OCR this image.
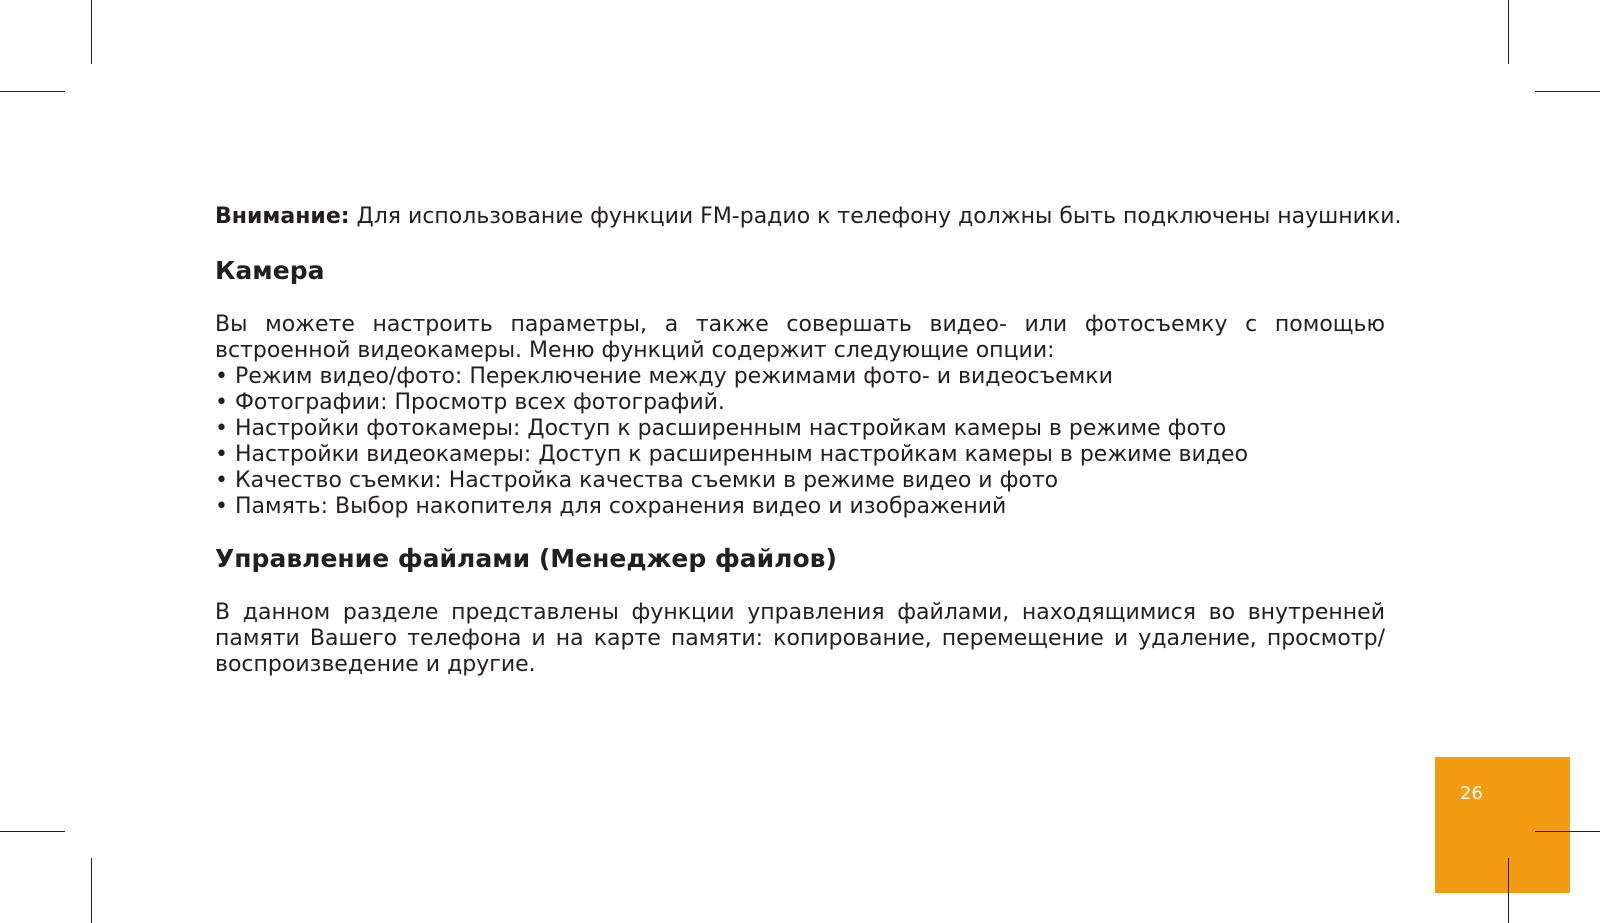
Внимание: Для использование функции FM-радио к телефону должны быть подключены наушники.

Камера

Вы можете настроить параметры, а также совершать видео- или фотосъемку с помощью встроенной видеокамеры. Меню функций содержит следующие опции:

• Режим видео/фото: Переключение между режимами фото- и видеосъемки
• Фотографии: Просмотр всех фотографий.
• Настройки фотокамеры: Доступ к расширенным настройкам камеры в режиме фото
• Настройки видеокамеры: Доступ к расширенным настройкам камеры в режиме видео
• Качество съемки: Настройка качества съемки в режиме видео и фото
• Память: Выбор накопителя для сохранения видео и изображений
Управление файлами (Менеджер файлов)

В данном разделе представлены функции управления файлами, находящимися во внутренней памяти Вашего телефона и на карте памяти: копирование, перемещение и удаление, просмотр/воспроизведение и другие.

26
